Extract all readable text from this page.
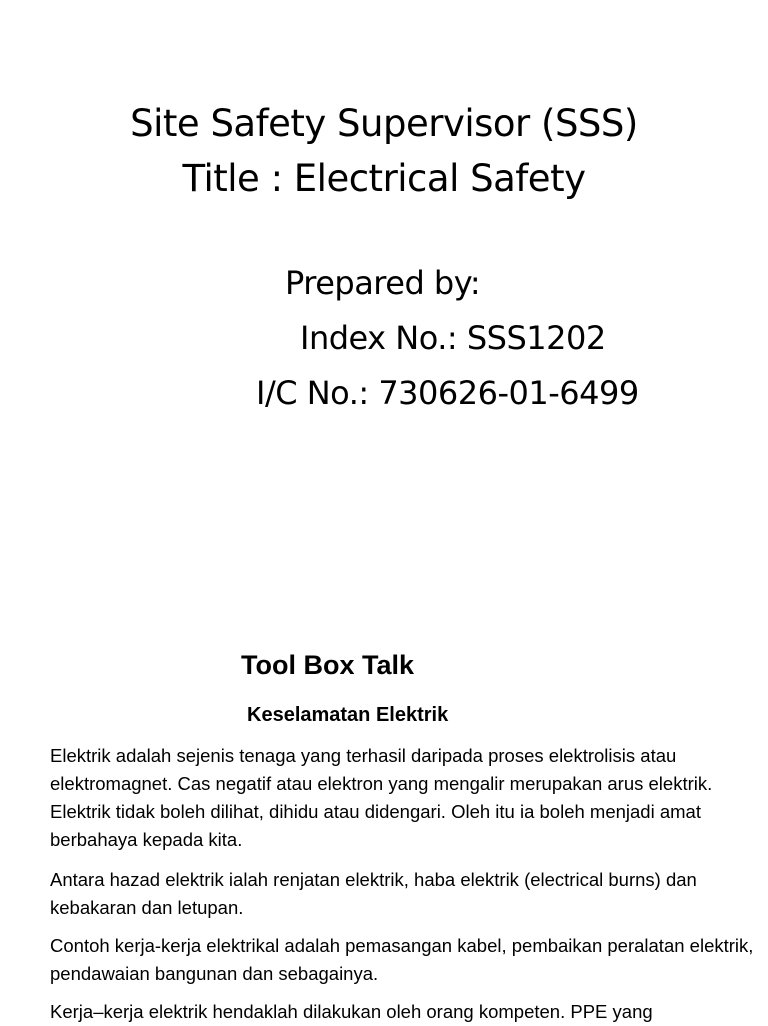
Site Safety Supervisor (SSS)
Title : Electrical Safety
Prepared by:
Index No.: SSS1202
I/C No.: 730626-01-6499
Tool Box Talk
Keselamatan Elektrik

Elektrik adalah sejenis tenaga yang terhasil daripada proses elektrolisis atau elektromagnet. Cas negatif atau elektron yang mengalir merupakan arus elektrik. Elektrik tidak boleh dilihat, dihidu atau didengari. Oleh itu ia boleh menjadi amat berbahaya kepada kita.

Antara hazad elektrik ialah renjatan elektrik, haba elektrik (electrical burns) dan kebakaran dan letupan.

Contoh kerja-kerja elektrikal adalah pemasangan kabel, pembaikan peralatan elektrik, pendawaian bangunan dan sebagainya.

Kerja–kerja elektrik hendaklah dilakukan oleh orang kompeten. PPE yang
